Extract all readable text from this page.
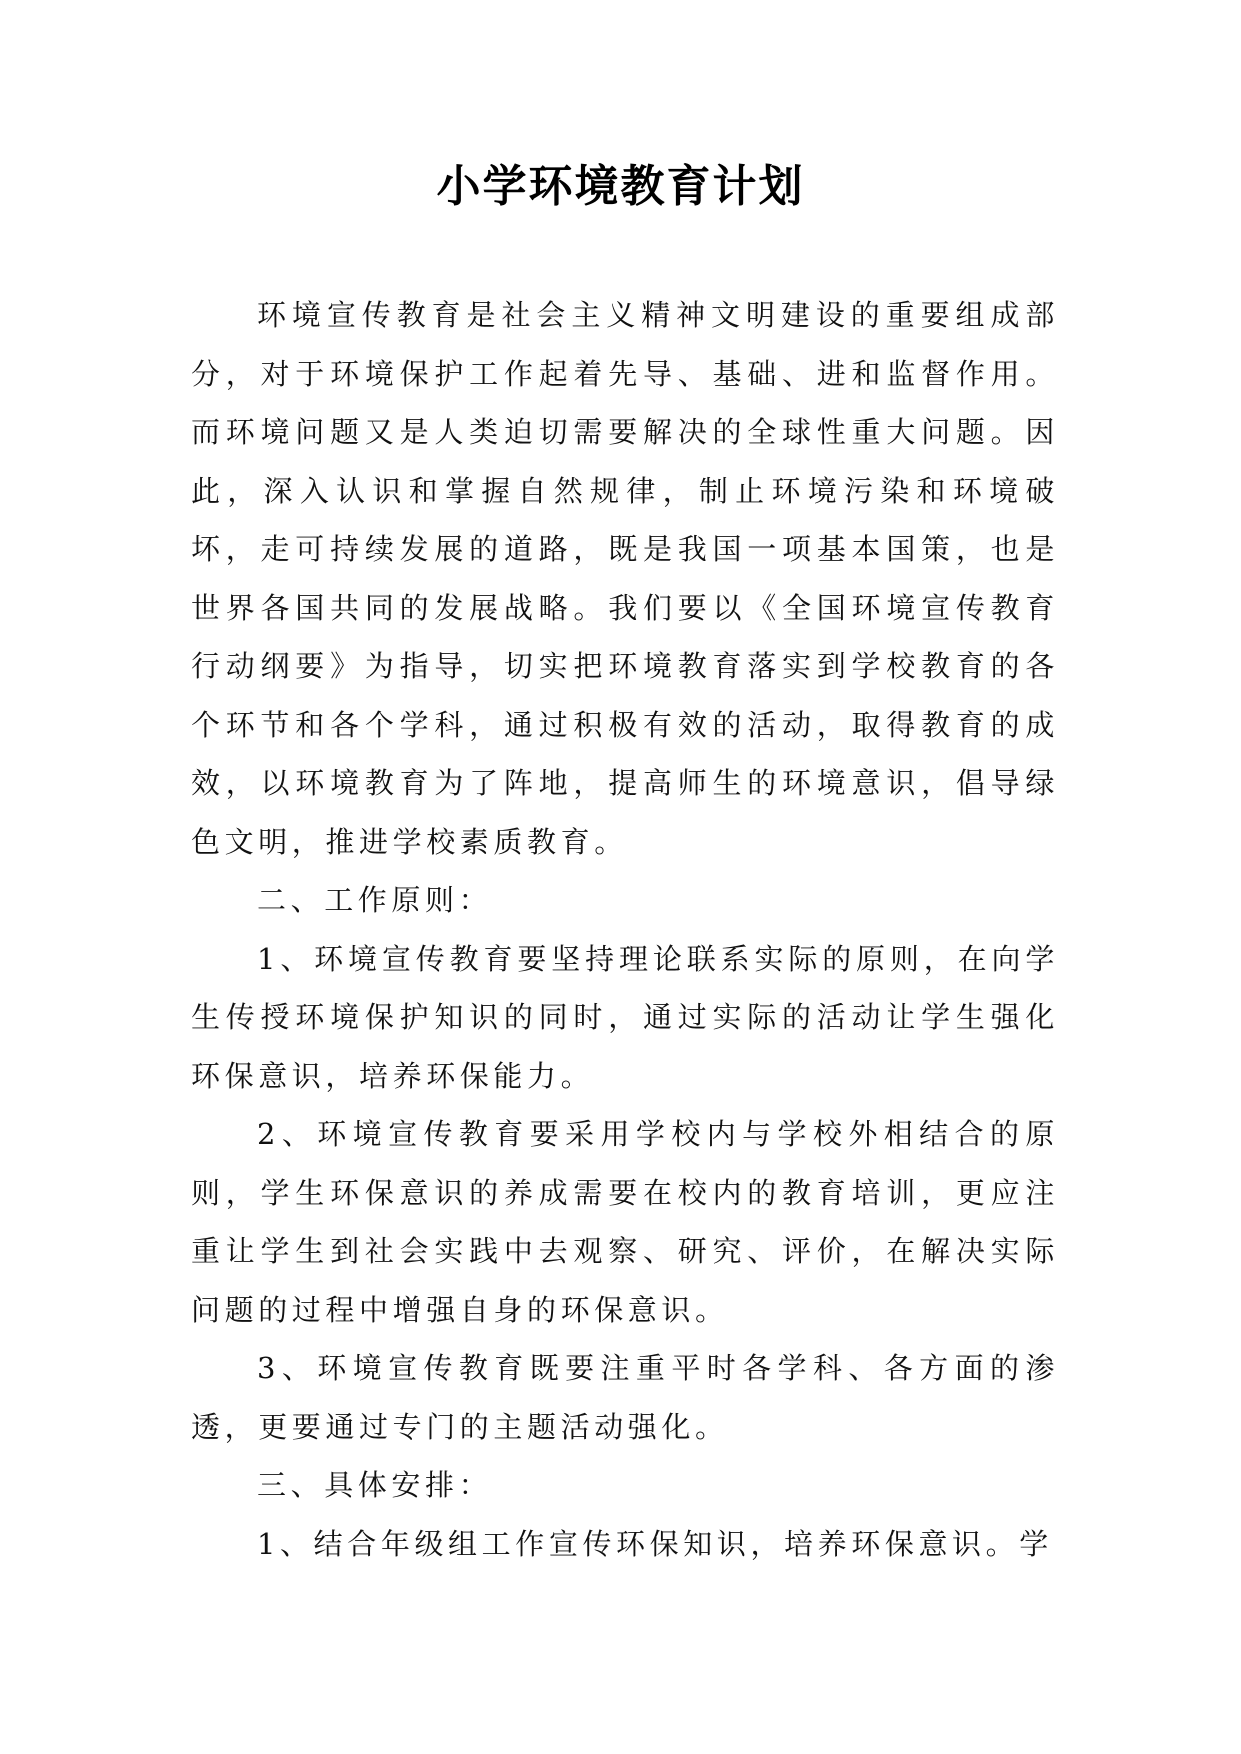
小学环境教育计划

环境宣传教育是社会主义精神文明建设的重要组成部分，对于环境保护工作起着先导、基础、进和监督作用。而环境问题又是人类迫切需要解决的全球性重大问题。因此，深入认识和掌握自然规律，制止环境污染和环境破坏，走可持续发展的道路，既是我国一项基本国策，也是世界各国共同的发展战略。我们要以《全国环境宣传教育行动纲要》为指导，切实把环境教育落实到学校教育的各个环节和各个学科，通过积极有效的活动，取得教育的成效，以环境教育为了阵地，提高师生的环境意识，倡导绿色文明，推进学校素质教育。

二、工作原则：

1、环境宣传教育要坚持理论联系实际的原则，在向学生传授环境保护知识的同时，通过实际的活动让学生强化环保意识，培养环保能力。

2、环境宣传教育要采用学校内与学校外相结合的原则，学生环保意识的养成需要在校内的教育培训，更应注重让学生到社会实践中去观察、研究、评价，在解决实际问题的过程中增强自身的环保意识。

3、环境宣传教育既要注重平时各学科、各方面的渗透，更要通过专门的主题活动强化。

三、具体安排：

1、结合年级组工作宣传环保知识，培养环保意识。学
